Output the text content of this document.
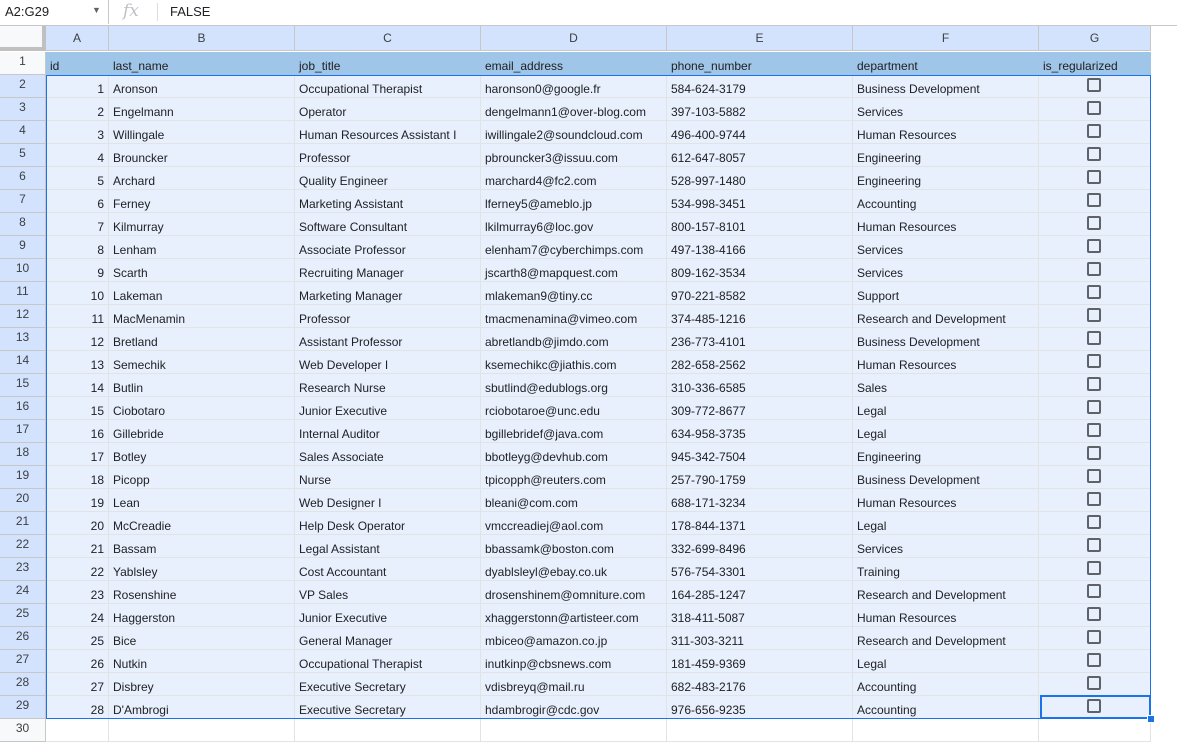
A2:G29	▼ fx FALSE
A	B	C	D	E	F	G
1	id	last_name	job_title	email_address	phone_number	department	is_regularized
2	1 Aronson	Occupational Therapist	haronson0@google.fr	584-624-3179	Business Development
3	2 Engelmann	Operator	dengelmann1@over-blog.com	397-103-5882	Services
4	3 Willingale	Human Resources Assistant I	iwillingale2@soundcloud.com	496-400-9744	Human Resources
5	4 Brouncker	Professor	pbrouncker3@issuu.com	612-647-8057	Engineering
6	5 Archard	Quality Engineer	marchard4@fc2.com	528-997-1480	Engineering
7	6 Ferney	Marketing Assistant	lferney5@ameblo.jp	534-998-3451	Accounting
8	7 Kilmurray	Software Consultant	lkilmurray6@loc.gov	800-157-8101	Human Resources
9	8 Lenham	Associate Professor	elenham7@cyberchimps.com	497-138-4166	Services
10	9 Scarth	Recruiting Manager	jscarth8@mapquest.com	809-162-3534	Services
11	10 Lakeman	Marketing Manager	mlakeman9@tiny.cc	970-221-8582	Support
12	11 MacMenamin	Professor	tmacmenamina@vimeo.com	374-485-1216	Research and Development
13	12 Bretland	Assistant Professor	abretlandb@jimdo.com	236-773-4101	Business Development
14	13 Semechik	Web Developer I	ksemechikc@jiathis.com	282-658-2562	Human Resources
15	14 Butlin	Research Nurse	sbutlind@edublogs.org	310-336-6585	Sales
16	15 Ciobotaro	Junior Executive	rciobotaroe@unc.edu	309-772-8677	Legal
17	16 Gillebride	Internal Auditor	bgillebridef@java.com	634-958-3735	Legal
18	17 Botley	Sales Associate	bbotleyg@devhub.com	945-342-7504	Engineering
19	18 Picopp	Nurse	tpicopph@reuters.com	257-790-1759	Business Development
20	19 Lean	Web Designer I	bleani@com.com	688-171-3234	Human Resources
21	20 McCreadie	Help Desk Operator	vmccreadiej@aol.com	178-844-1371	Legal
22	21 Bassam	Legal Assistant	bbassamk@boston.com	332-699-8496	Services
23	22 Yablsley	Cost Accountant	dyablsleyl@ebay.co.uk	576-754-3301	Training
24	23 Rosenshine	VP Sales	drosenshinem@omniture.com	164-285-1247	Research and Development
25	24 Haggerston	Junior Executive	xhaggerstonn@artisteer.com	318-411-5087	Human Resources
26	25 Bice	General Manager	mbiceo@amazon.co.jp	311-303-3211	Research and Development
27	26 Nutkin	Occupational Therapist	inutkinp@cbsnews.com	181-459-9369	Legal
28	27 Disbrey	Executive Secretary	vdisbreyq@mail.ru	682-483-2176	Accounting
29	28 D'Ambrogi	Executive Secretary	hdambrogir@cdc.gov	976-656-9235	Accounting
30
